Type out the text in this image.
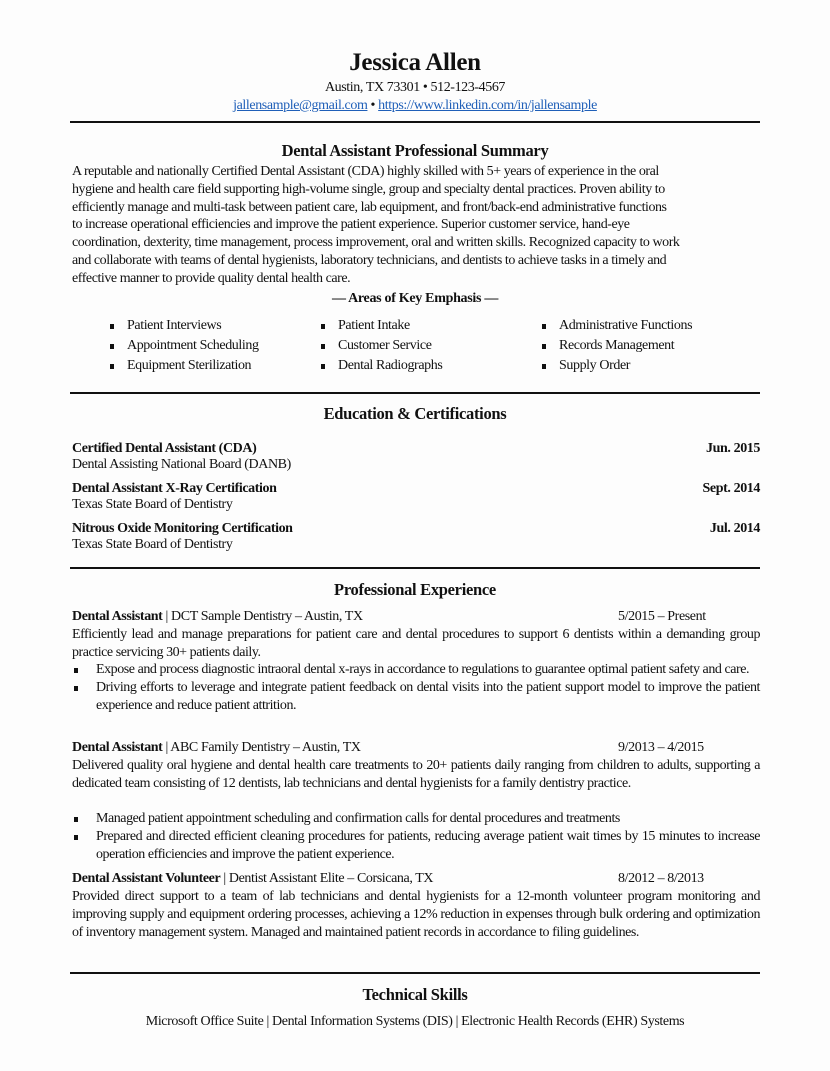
Jessica Allen
Austin, TX 73301 • 512-123-4567
jallensample@gmail.com • https://www.linkedin.com/in/jallensample
Dental Assistant Professional Summary
A reputable and nationally Certified Dental Assistant (CDA) highly skilled with 5+ years of experience in the oral
hygiene and health care field supporting high-volume single, group and specialty dental practices. Proven ability to
efficiently manage and multi-task between patient care, lab equipment, and front/back-end administrative functions
to increase operational efficiencies and improve the patient experience. Superior customer service, hand-eye
coordination, dexterity, time management, process improvement, oral and written skills. Recognized capacity to work
and collaborate with teams of dental hygienists, laboratory technicians, and dentists to achieve tasks in a timely and
effective manner to provide quality dental health care.
— Areas of Key Emphasis —
Patient Interviews
Appointment Scheduling
Equipment Sterilization
Patient Intake
Customer Service
Dental Radiographs
Administrative Functions
Records Management
Supply Order
Education & Certifications
Certified Dental Assistant (CDA)
Dental Assisting National Board (DANB)
Jun. 2015
Dental Assistant X-Ray Certification
Texas State Board of Dentistry
Sept. 2014
Nitrous Oxide Monitoring Certification
Texas State Board of Dentistry
Jul. 2014
Professional Experience
Dental Assistant | DCT Sample Dentistry – Austin, TX	5/2015 – Present
Efficiently lead and manage preparations for patient care and dental procedures to support 6 dentists within a demanding group practice servicing 30+ patients daily.
Expose and process diagnostic intraoral dental x-rays in accordance to regulations to guarantee optimal patient safety and care.
Driving efforts to leverage and integrate patient feedback on dental visits into the patient support model to improve the patient experience and reduce patient attrition.
Dental Assistant | ABC Family Dentistry – Austin, TX	9/2013 – 4/2015
Delivered quality oral hygiene and dental health care treatments to 20+ patients daily ranging from children to adults, supporting a dedicated team consisting of 12 dentists, lab technicians and dental hygienists for a family dentistry practice.
Managed patient appointment scheduling and confirmation calls for dental procedures and treatments
Prepared and directed efficient cleaning procedures for patients, reducing average patient wait times by 15 minutes to increase operation efficiencies and improve the patient experience.
Dental Assistant Volunteer | Dentist Assistant Elite – Corsicana, TX	8/2012 – 8/2013
Provided direct support to a team of lab technicians and dental hygienists for a 12-month volunteer program monitoring and improving supply and equipment ordering processes, achieving a 12% reduction in expenses through bulk ordering and optimization of inventory management system. Managed and maintained patient records in accordance to filing guidelines.
Technical Skills
Microsoft Office Suite | Dental Information Systems (DIS) | Electronic Health Records (EHR) Systems
